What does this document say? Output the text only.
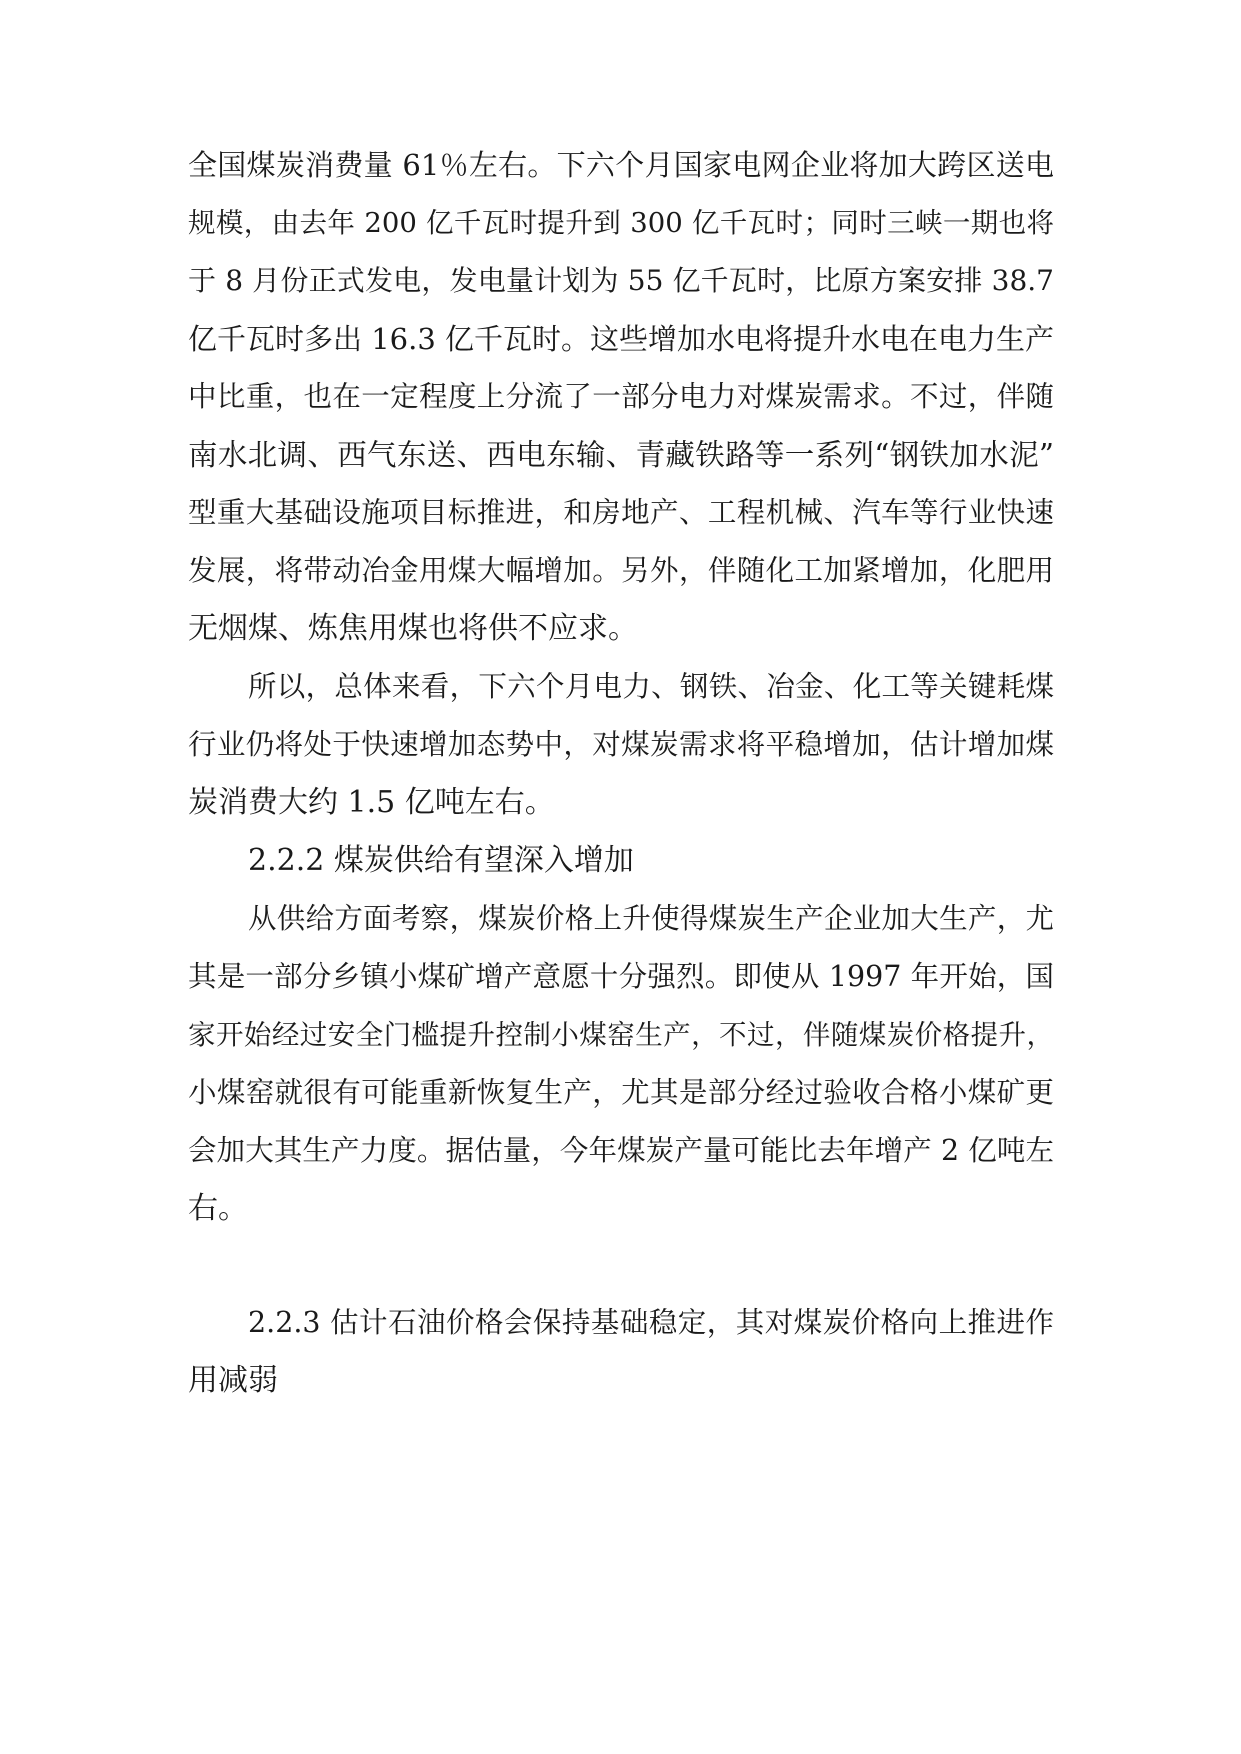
全国煤炭消费量 61％左右。下六个月国家电网企业将加大跨区送电
规模，由去年 200 亿千瓦时提升到 300 亿千瓦时；同时三峡一期也将
于 8 月份正式发电，发电量计划为 55 亿千瓦时，比原方案安排 38.7
亿千瓦时多出 16.3 亿千瓦时。这些增加水电将提升水电在电力生产
中比重，也在一定程度上分流了一部分电力对煤炭需求。不过，伴随
南水北调、西气东送、西电东输、青藏铁路等一系列“钢铁加水泥”
型重大基础设施项目标推进，和房地产、工程机械、汽车等行业快速
发展，将带动冶金用煤大幅增加。另外，伴随化工加紧增加，化肥用
无烟煤、炼焦用煤也将供不应求。
所以，总体来看，下六个月电力、钢铁、冶金、化工等关键耗煤
行业仍将处于快速增加态势中，对煤炭需求将平稳增加，估计增加煤
炭消费大约 1.5 亿吨左右。
2.2.2 煤炭供给有望深入增加
从供给方面考察，煤炭价格上升使得煤炭生产企业加大生产，尤
其是一部分乡镇小煤矿增产意愿十分强烈。即使从 1997 年开始，国
家开始经过安全门槛提升控制小煤窑生产，不过，伴随煤炭价格提升，
小煤窑就很有可能重新恢复生产，尤其是部分经过验收合格小煤矿更
会加大其生产力度。据估量，今年煤炭产量可能比去年增产 2 亿吨左
右。
2.2.3 估计石油价格会保持基础稳定，其对煤炭价格向上推进作
用减弱
